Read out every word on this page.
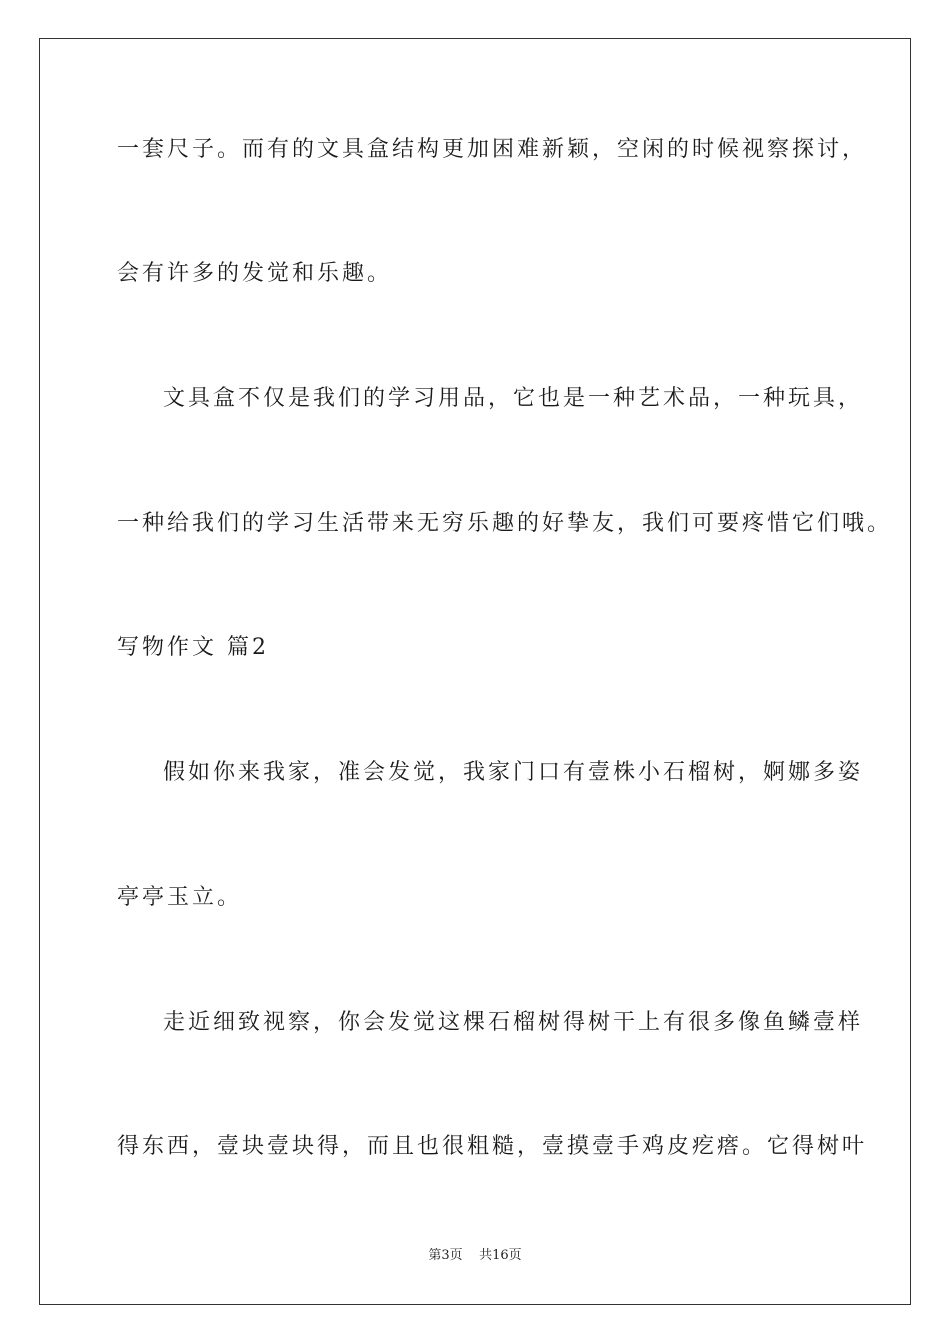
一套尺子。而有的文具盒结构更加困难新颖，空闲的时候视察探讨，
会有许多的发觉和乐趣。
文具盒不仅是我们的学习用品，它也是一种艺术品，一种玩具，
一种给我们的学习生活带来无穷乐趣的好挚友，我们可要疼惜它们哦。
写物作文 篇2
假如你来我家，准会发觉，我家门口有壹株小石榴树，婀娜多姿
亭亭玉立。
走近细致视察，你会发觉这棵石榴树得树干上有很多像鱼鳞壹样
得东西，壹块壹块得，而且也很粗糙，壹摸壹手鸡皮疙瘩。它得树叶
第3页 共16页
